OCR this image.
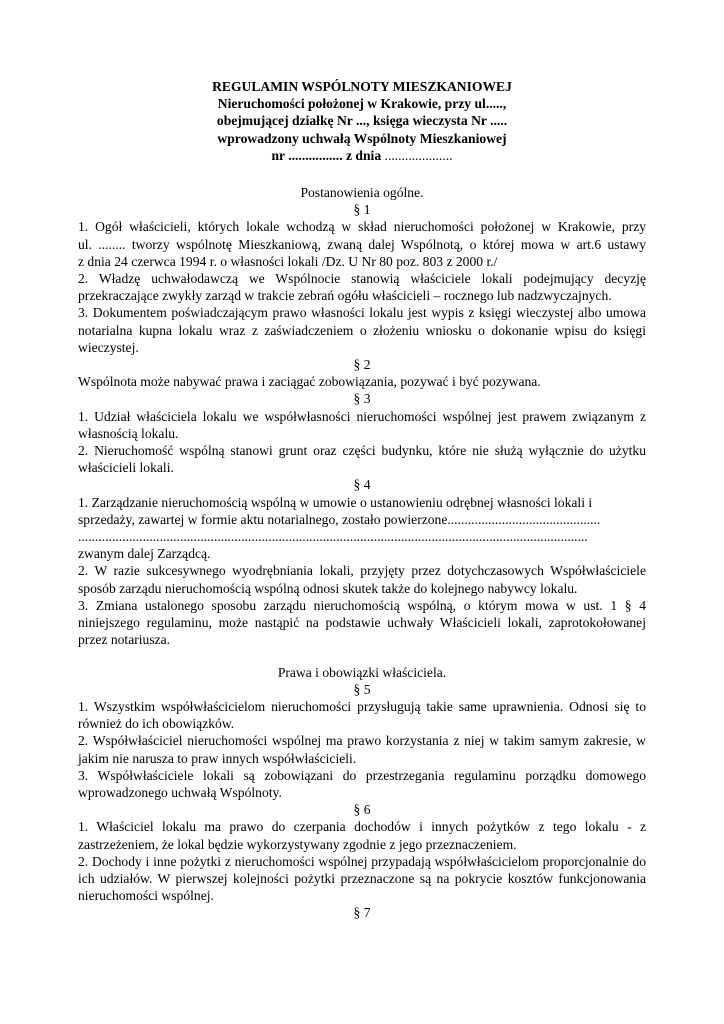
REGULAMIN WSPÓLNOTY MIESZKANIOWEJ
Nieruchomości położonej w Krakowie, przy ul.....,
obejmującej działkę Nr ..., księga wieczysta Nr .....
wprowadzony uchwałą Wspólnoty Mieszkaniowej
nr ................ z dnia ....................

Postanowienia ogólne.

§ 1

1. Ogół właścicieli, których lokale wchodzą w skład nieruchomości położonej w Krakowie, przy

ul. ........ tworzy wspólnotę Mieszkaniową, zwaną dalej Wspólnotą, o której mowa w art.6 ustawy

z dnia 24 czerwca 1994 r. o własności lokali /Dz. U Nr 80 poz. 803 z 2000 r./

2. Władzę uchwałodawczą we Wspólnocie stanowią właściciele lokali podejmujący decyzję przekraczające zwykły zarząd w trakcie zebrań ogółu właścicieli – rocznego lub nadzwyczajnych.

3. Dokumentem poświadczającym prawo własności lokalu jest wypis z księgi wieczystej albo umowa notarialna kupna lokalu wraz z zaświadczeniem o złożeniu wniosku o dokonanie wpisu do księgi wieczystej.

§ 2

Wspólnota może nabywać prawa i zaciągać zobowiązania, pozywać i być pozywana.

§ 3

1. Udział właściciela lokalu we współwłasności nieruchomości wspólnej jest prawem związanym z własnością lokalu.

2. Nieruchomość wspólną stanowi grunt oraz części budynku, które nie służą wyłącznie do użytku właścicieli lokali.

§ 4

1. Zarządzanie nieruchomością wspólną w umowie o ustanowieniu odrębnej własności lokali i

sprzedaży, zawartej w formie aktu notarialnego, zostało powierzone.............................................

......................................................................................................................................................

zwanym dalej Zarządcą.

2. W razie sukcesywnego wyodrębniania lokali, przyjęty przez dotychczasowych Współwłaściciele sposób zarządu nieruchomością wspólną odnosi skutek także do kolejnego nabywcy lokalu.

3. Zmiana ustalonego sposobu zarządu nieruchomością wspólną, o którym mowa w ust. 1 § 4 niniejszego regulaminu, może nastąpić na podstawie uchwały Właścicieli lokali, zaprotokołowanej przez notariusza.

Prawa i obowiązki właściciela.

§ 5

1. Wszystkim współwłaścicielom nieruchomości przysługują takie same uprawnienia. Odnosi się to również do ich obowiązków.

2. Współwłaściciel nieruchomości wspólnej ma prawo korzystania z niej w takim samym zakresie, w jakim nie narusza to praw innych współwłaścicieli.

3. Współwłaściciele lokali są zobowiązani do przestrzegania regulaminu porządku domowego wprowadzonego uchwałą Wspólnoty.

§ 6

1. Właściciel lokalu ma prawo do czerpania dochodów i innych pożytków z tego lokalu - z zastrzeżeniem, że lokal będzie wykorzystywany zgodnie z jego przeznaczeniem.

2. Dochody i inne pożytki z nieruchomości wspólnej przypadają współwłaścicielom proporcjonalnie do ich udziałów. W pierwszej kolejności pożytki przeznaczone są na pokrycie kosztów funkcjonowania nieruchomości wspólnej.

§ 7
